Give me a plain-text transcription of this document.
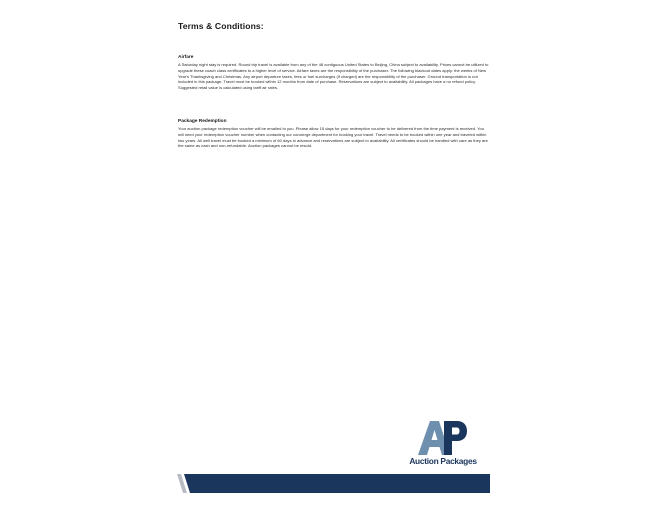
Terms & Conditions:
Airfare

A Saturday night stay is required. Round trip travel is available from any of the 48 contiguous United States to Beijing, China subject to availability. Prices cannot be utilized to upgrade these coach class certificates to a higher level of service. Airfare taxes are the responsibility of the purchaser. The following blackout dates apply: the weeks of New Year's Thanksgiving and Christmas. Any airport departure taxes, fees or fuel surcharges (if charged) are the responsibility of the purchaser. Ground transportation is not included in this package. Travel must be booked within 12 months from date of purchase. Reservations are subject to availability. All packages have a no refund policy. Suggested retail value is calculated using tariff air rates.

Package Redemption

Your auction package redemption voucher will be emailed to you. Please allow 15 days for your redemption voucher to be delivered from the time payment is received. You will need your redemption voucher number when contacting our concierge department for booking your travel. Travel needs to be booked within one year and traveled within two years. All well travel must be booked a minimum of 60 days in advance and reservations are subject to availability. All certificates should be handled with care as they are the same as cash and non-refundable. Auction packages cannot be resold.

Auction Packages
